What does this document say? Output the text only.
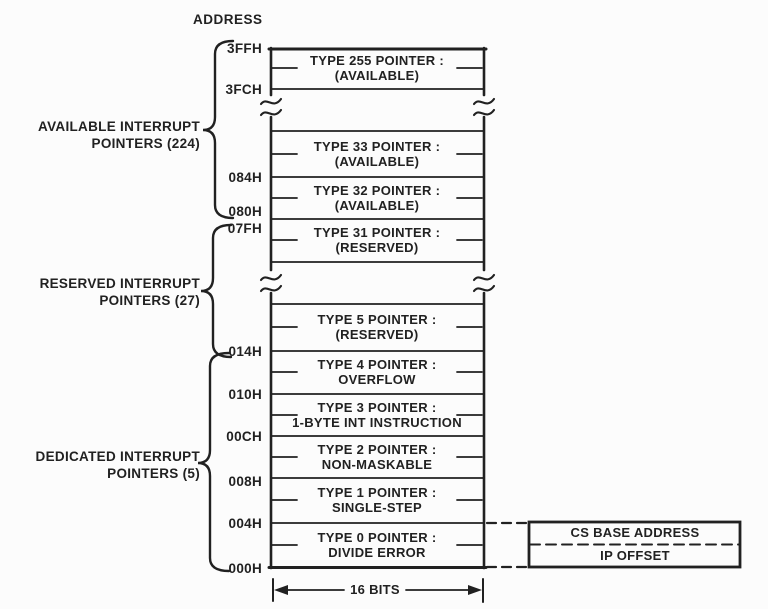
ADDRESS
AVAILABLE INTERRUPT
POINTERS (224)
RESERVED INTERRUPT
POINTERS (27)
DEDICATED INTERRUPT
POINTERS (5)
3FFH
3FCH
084H
080H
07FH
014H
010H
00CH
008H
004H
000H
TYPE 255 POINTER :
(AVAILABLE)
TYPE 33 POINTER :
(AVAILABLE)
TYPE 32 POINTER :
(AVAILABLE)
TYPE 31 POINTER :
(RESERVED)
TYPE 5 POINTER :
(RESERVED)
TYPE 4 POINTER :
OVERFLOW
TYPE 3 POINTER :
1-BYTE INT INSTRUCTION
TYPE 2 POINTER :
NON-MASKABLE
TYPE 1 POINTER :
SINGLE-STEP
TYPE 0 POINTER :
DIVIDE ERROR
CS BASE ADDRESS
IP OFFSET
16 BITS
